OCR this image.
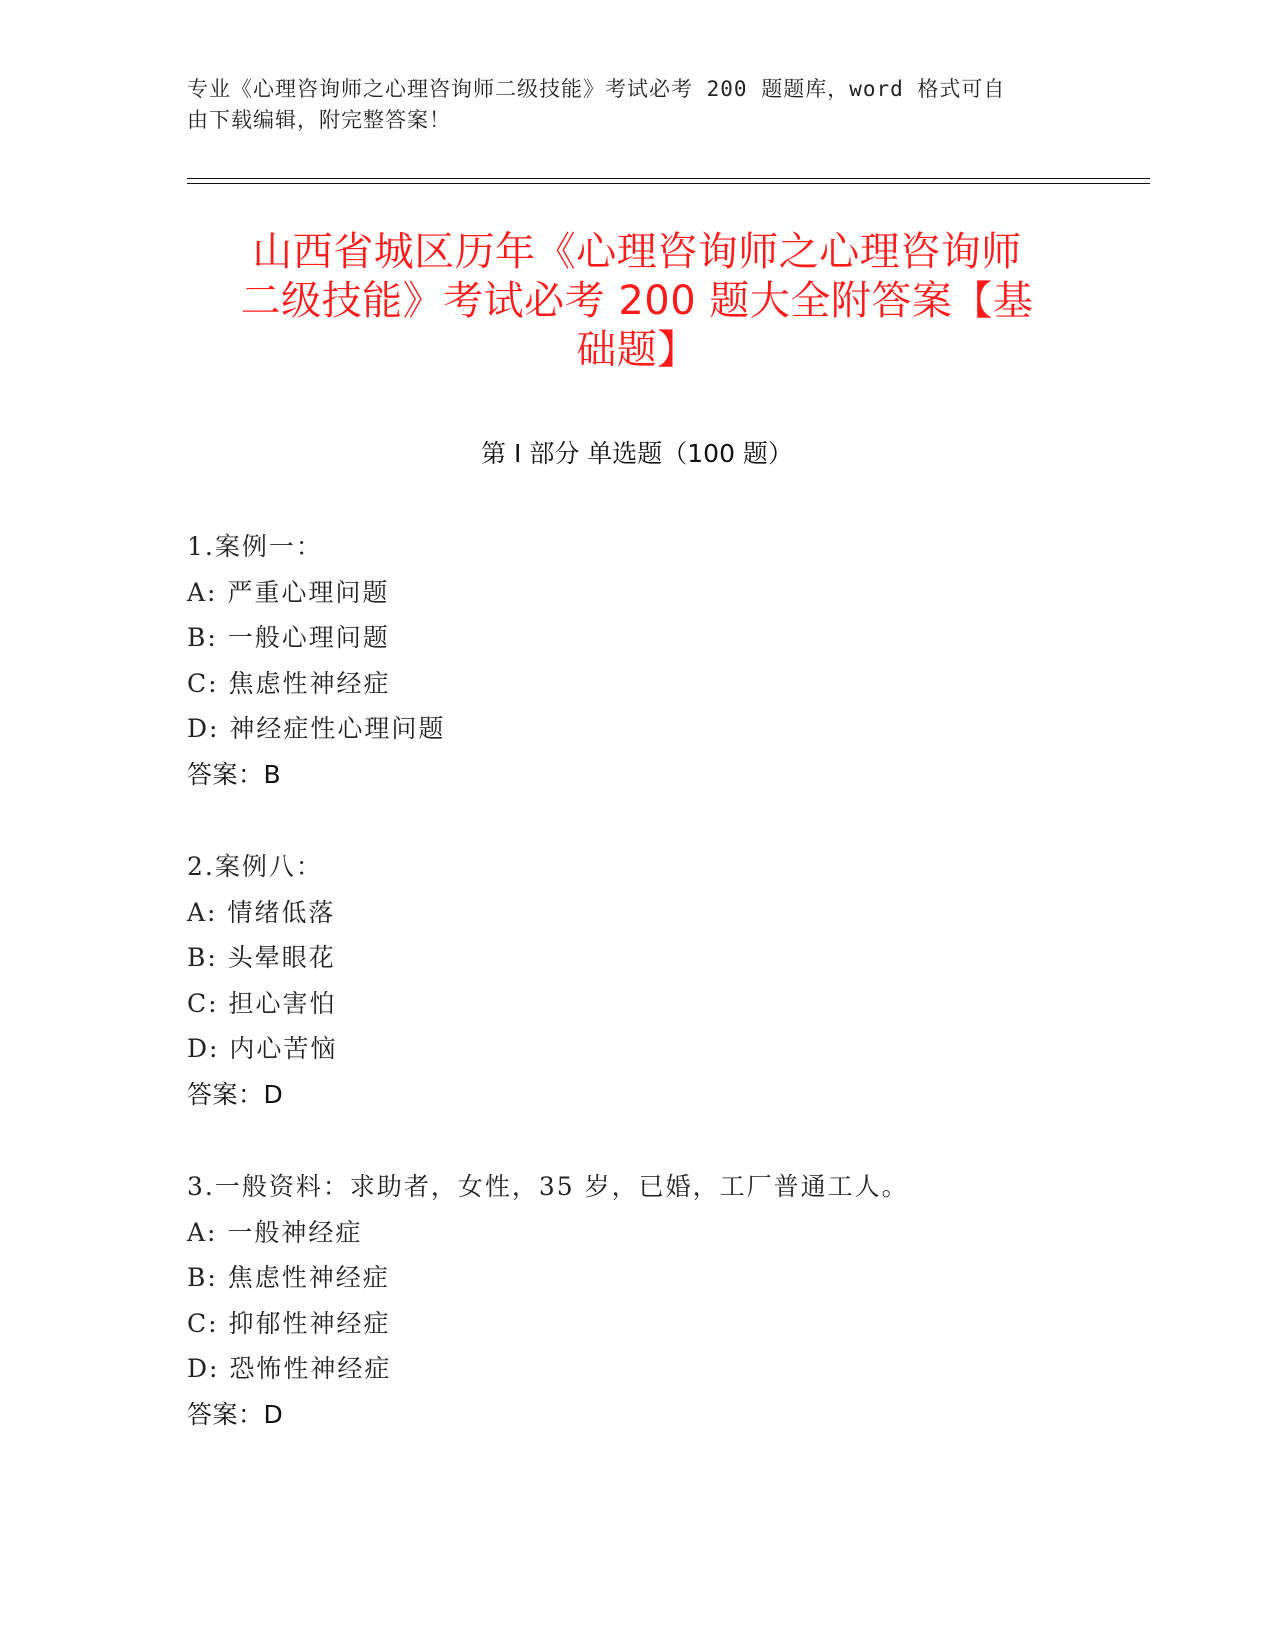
专业《心理咨询师之心理咨询师二级技能》考试必考 200 题题库，word 格式可自
由下载编辑，附完整答案！
山西省城区历年《心理咨询师之心理咨询师
二级技能》考试必考 200 题大全附答案【基
础题】
第 I 部分 单选题（100 题）
1.案例一：
A: 严重心理问题
B: 一般心理问题
C: 焦虑性神经症
D: 神经症性心理问题
答案：B
2.案例八：
A: 情绪低落
B: 头晕眼花
C: 担心害怕
D: 内心苦恼
答案：D
3.一般资料：求助者，女性，35 岁，已婚，工厂普通工人。
A: 一般神经症
B: 焦虑性神经症
C: 抑郁性神经症
D: 恐怖性神经症
答案：D
